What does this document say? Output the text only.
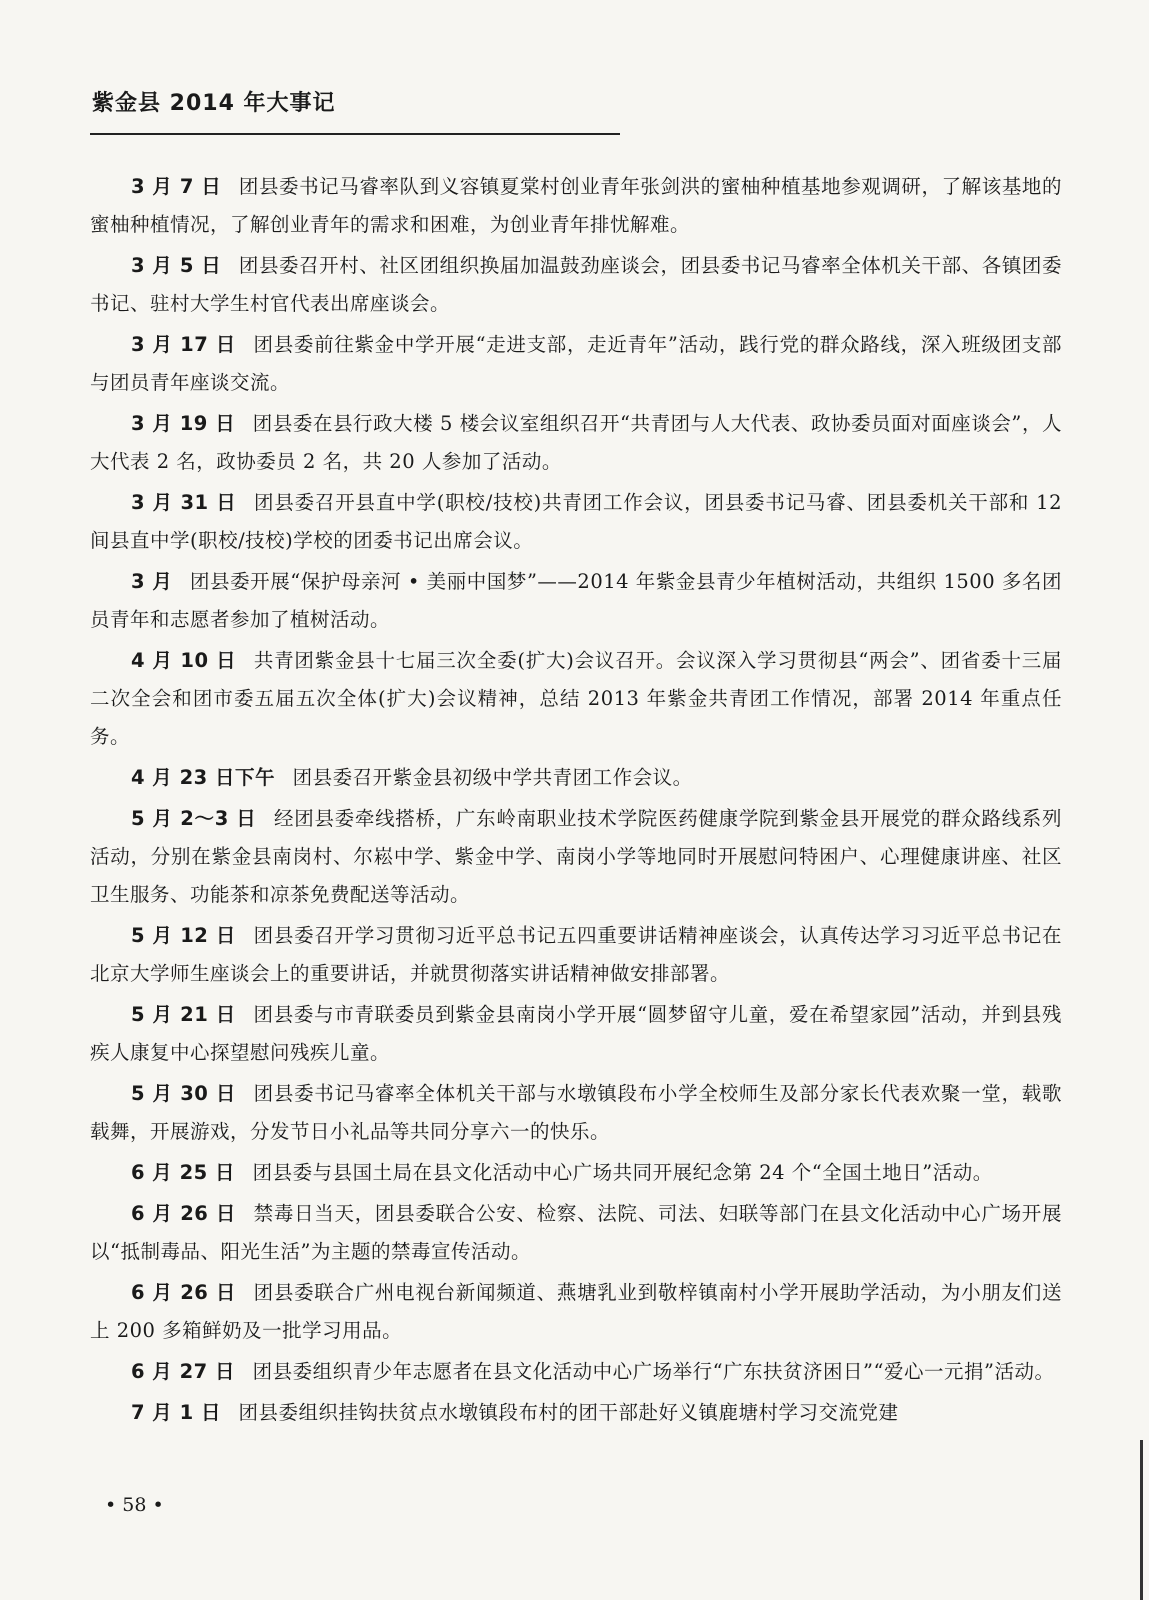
紫金县 2014 年大事记

3 月 7 日 团县委书记马睿率队到义容镇夏棠村创业青年张剑洪的蜜柚种植基地参观调研，了解该基地的蜜柚种植情况，了解创业青年的需求和困难，为创业青年排忧解难。

3 月 5 日 团县委召开村、社区团组织换届加温鼓劲座谈会，团县委书记马睿率全体机关干部、各镇团委书记、驻村大学生村官代表出席座谈会。

3 月 17 日 团县委前往紫金中学开展“走进支部，走近青年”活动，践行党的群众路线，深入班级团支部与团员青年座谈交流。

3 月 19 日 团县委在县行政大楼 5 楼会议室组织召开“共青团与人大代表、政协委员面对面座谈会”，人大代表 2 名，政协委员 2 名，共 20 人参加了活动。

3 月 31 日 团县委召开县直中学(职校/技校)共青团工作会议，团县委书记马睿、团县委机关干部和 12 间县直中学(职校/技校)学校的团委书记出席会议。

3 月 团县委开展“保护母亲河 • 美丽中国梦”——2014 年紫金县青少年植树活动，共组织 1500 多名团员青年和志愿者参加了植树活动。

4 月 10 日 共青团紫金县十七届三次全委(扩大)会议召开。会议深入学习贯彻县“两会”、团省委十三届二次全会和团市委五届五次全体(扩大)会议精神，总结 2013 年紫金共青团工作情况，部署 2014 年重点任务。

4 月 23 日下午 团县委召开紫金县初级中学共青团工作会议。

5 月 2～3 日 经团县委牵线搭桥，广东岭南职业技术学院医药健康学院到紫金县开展党的群众路线系列活动，分别在紫金县南岗村、尔崧中学、紫金中学、南岗小学等地同时开展慰问特困户、心理健康讲座、社区卫生服务、功能茶和凉茶免费配送等活动。

5 月 12 日 团县委召开学习贯彻习近平总书记五四重要讲话精神座谈会，认真传达学习习近平总书记在北京大学师生座谈会上的重要讲话，并就贯彻落实讲话精神做安排部署。

5 月 21 日 团县委与市青联委员到紫金县南岗小学开展“圆梦留守儿童，爱在希望家园”活动，并到县残疾人康复中心探望慰问残疾儿童。

5 月 30 日 团县委书记马睿率全体机关干部与水墩镇段布小学全校师生及部分家长代表欢聚一堂，载歌载舞，开展游戏，分发节日小礼品等共同分享六一的快乐。

6 月 25 日 团县委与县国土局在县文化活动中心广场共同开展纪念第 24 个“全国土地日”活动。

6 月 26 日 禁毒日当天，团县委联合公安、检察、法院、司法、妇联等部门在县文化活动中心广场开展以“抵制毒品、阳光生活”为主题的禁毒宣传活动。

6 月 26 日 团县委联合广州电视台新闻频道、燕塘乳业到敬梓镇南村小学开展助学活动，为小朋友们送上 200 多箱鲜奶及一批学习用品。

6 月 27 日 团县委组织青少年志愿者在县文化活动中心广场举行“广东扶贫济困日”“爱心一元捐”活动。

7 月 1 日 团县委组织挂钩扶贫点水墩镇段布村的团干部赴好义镇鹿塘村学习交流党建

• 58 •
